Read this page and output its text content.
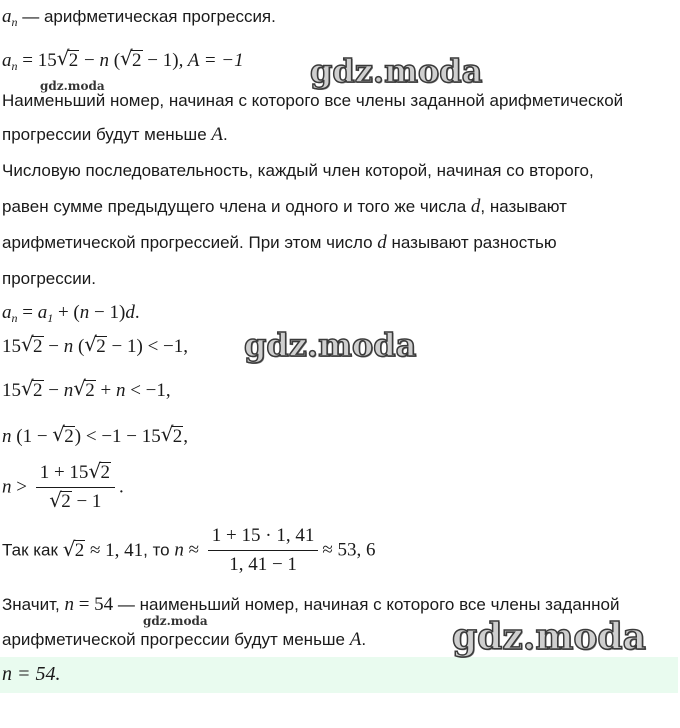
$a_n$ — арифметическая прогрессия.
$a_n = 15√$ 2 − n (√ 2 − 1), A = −1
Наименьший номер, начиная с которого все члены заданной арифметической
прогрессии будут меньше A.
Числовую последовательность, каждый член которой, начиная со второго,
равен сумме предыдущего члена и одного и того же числа d, называют
арифметической прогрессией. При этом число d называют разностью
прогрессии.
$a_n = a_1 + (n - 1)d$.
15√ 2 − n (√ 2 − 1) < −1,
15√ 2 − n√ 2 + n < −1,
n (1 − √ 2) < −1 − 15√ 2,
n > 1 + 15√ 2
√ 2 − 1 .
Так как √ 2 ≈ 1, 41, то $n \approx \frac{1 + 15 \cdot 1, 41}{1, 41 - 1} \approx 53$, 6
Значит, n = 54 — наименьший номер, начиная с которого все члены заданной
арифметической прогрессии будут меньше A.
n = 54.
gdz.moda
gdz.moda
gdz.moda
gdz.moda	gdz.moda
